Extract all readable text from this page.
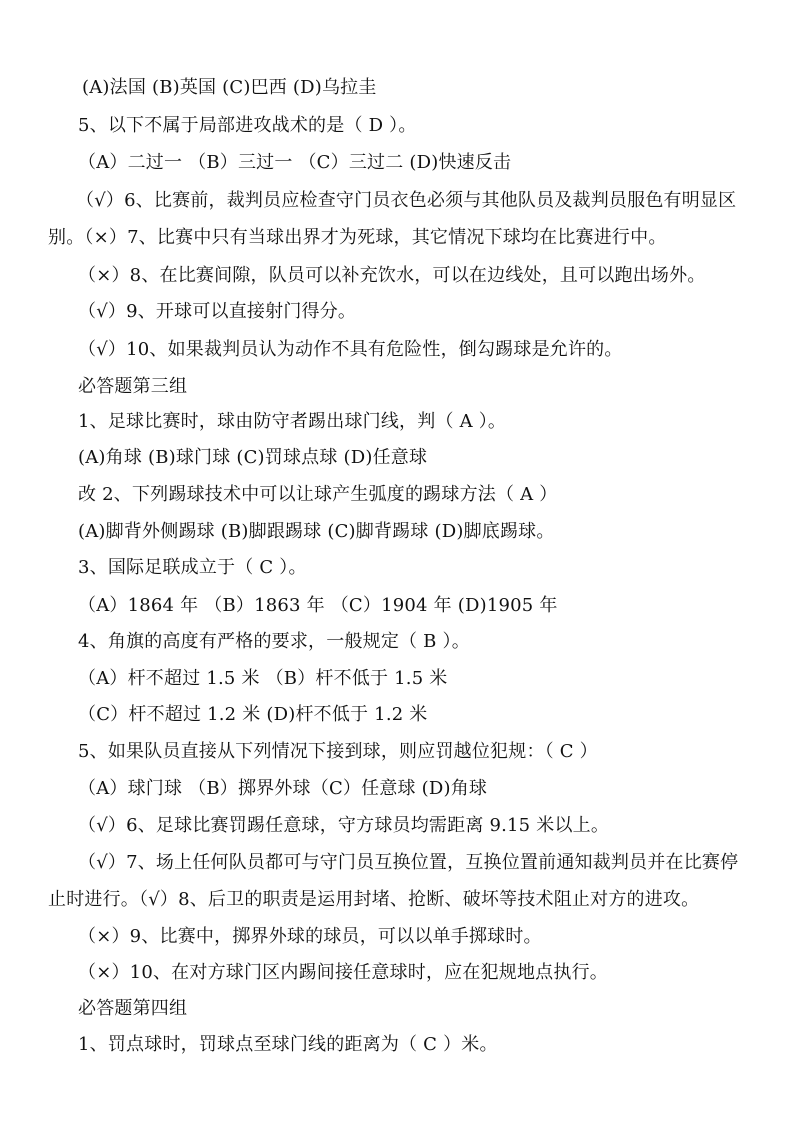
(A)法国 (B)英国 (C)巴西 (D)乌拉圭
5、以下不属于局部进攻战术的是（ D ）。
（A）二过一 （B）三过一 （C）三过二 (D)快速反击
（√）6、比赛前，裁判员应检查守门员衣色必须与其他队员及裁判员服色有明显区
别。（×）7、比赛中只有当球出界才为死球，其它情况下球均在比赛进行中。
（×）8、在比赛间隙，队员可以补充饮水，可以在边线处，且可以跑出场外。
（√）9、开球可以直接射门得分。
（√）10、如果裁判员认为动作不具有危险性，倒勾踢球是允许的。
必答题第三组
1、足球比赛时，球由防守者踢出球门线，判（ A ）。
(A)角球 (B)球门球 (C)罚球点球 (D)任意球
改 2、下列踢球技术中可以让球产生弧度的踢球方法（ A ）
(A)脚背外侧踢球 (B)脚跟踢球 (C)脚背踢球 (D)脚底踢球。
3、国际足联成立于（ C ）。
（A）1864 年 （B）1863 年 （C）1904 年 (D)1905 年
4、角旗的高度有严格的要求，一般规定（ B ）。
（A）杆不超过 1.5 米 （B）杆不低于 1.5 米
（C）杆不超过 1.2 米 (D)杆不低于 1.2 米
5、如果队员直接从下列情况下接到球，则应罚越位犯规：（ C ）
（A）球门球 （B）掷界外球（C）任意球 (D)角球
（√）6、足球比赛罚踢任意球，守方球员均需距离 9.15 米以上。
（√）7、场上任何队员都可与守门员互换位置，互换位置前通知裁判员并在比赛停
止时进行。（√）8、后卫的职责是运用封堵、抢断、破坏等技术阻止对方的进攻。
（×）9、比赛中，掷界外球的球员，可以以单手掷球时。
（×）10、在对方球门区内踢间接任意球时，应在犯规地点执行。
必答题第四组
1、罚点球时，罚球点至球门线的距离为（ C ）米。
